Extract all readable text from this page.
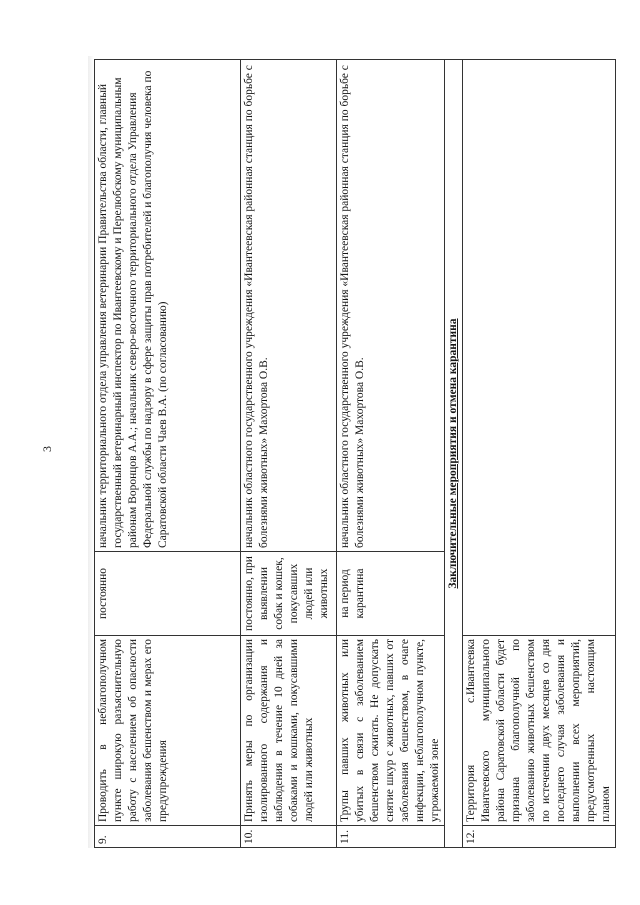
3
9.	Проводить в неблагополучном пункте широкую разъяснительную работу с населением об опасности заболевания бешенством и мерах его предупреждения	постоянно	начальник территориального отдела управления ветеринарии Правительства области, главный государственный ветеринарный инспектор по Ивантеевскому и Перелюбскому муниципальным районам Воронцов А.А.; начальник северо-восточного территориального отдела Управления Федеральной службы по надзору в сфере защиты прав потребителей и благополучия человека по Саратовской области Чаев В.А. (по согласованию)
10.	Принять меры по организации изолированного содержания и наблюдения в течение 10 дней за собаками и кошками, покусавшими людей или животных	постоянно, при выявлении собак и кошек, покусавших людей или животных	начальник областного государственного учреждения «Ивантеевская районная станция по борьбе с болезнями животных» Махортова О.В.
11.	Трупы павших животных или убитых в связи с заболеванием бешенством сжигать. Не допускать снятие шкур с животных, павших от заболевания бешенством, в очаге инфекции, неблагополучном пункте, угрожаемой зоне	на период карантина	начальник областного государственного учреждения «Ивантеевская районная станция по борьбе с болезнями животных» Махортова О.В.
Заключительные мероприятия и отмена карантина			
12.	Территория с.Ивантеевка Ивантеевского муниципального района Саратовской области будет признана благополучной по заболеванию животных бешенством по истечении двух месяцев со дня последнего случая заболевания и выполнении всех мероприятий, предусмотренных настоящим планом		
